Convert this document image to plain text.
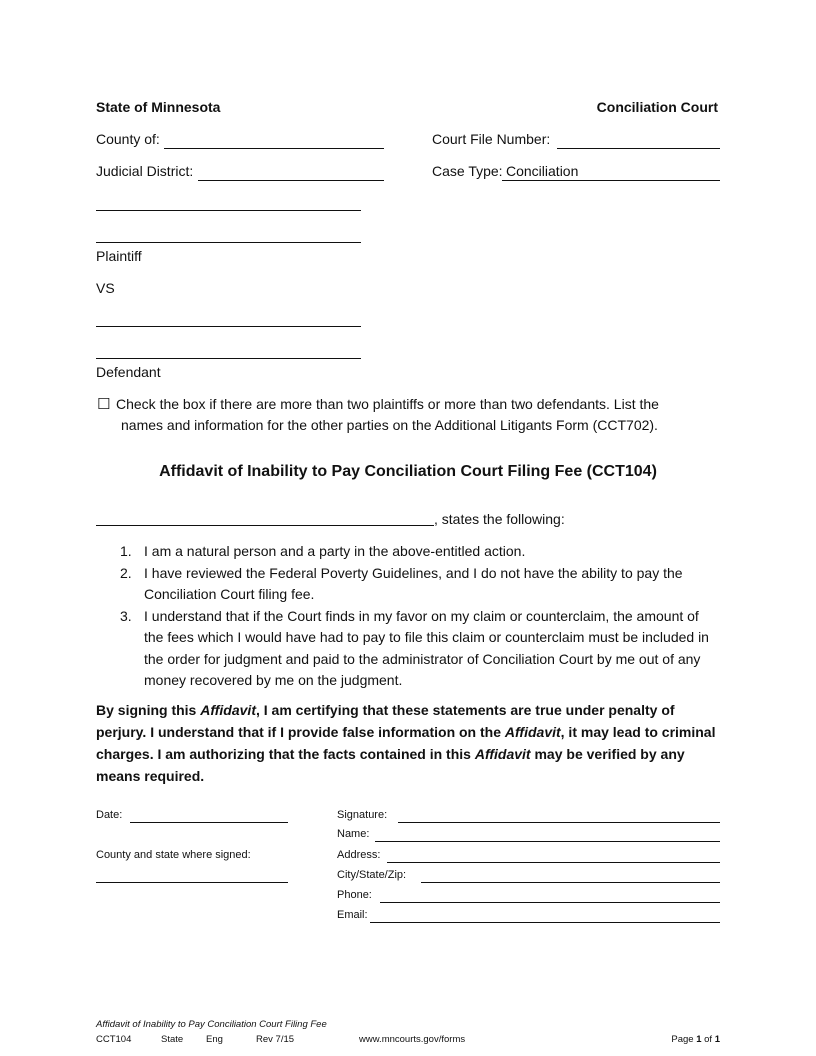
State of Minnesota	Conciliation Court
County of:	Court File Number:
Judicial District:	Case Type: Conciliation
Plaintiff
VS
Defendant
☐ Check the box if there are more than two plaintiffs or more than two defendants. List the
names and information for the other parties on the Additional Litigants Form (CCT702).
Affidavit of Inability to Pay Conciliation Court Filing Fee (CCT104)
, states the following:
1. I am a natural person and a party in the above-entitled action.
2. I have reviewed the Federal Poverty Guidelines, and I do not have the ability to pay the Conciliation Court filing fee.
3. I understand that if the Court finds in my favor on my claim or counterclaim, the amount of the fees which I would have had to pay to file this claim or counterclaim must be included in the order for judgment and paid to the administrator of Conciliation Court by me out of any money recovered by me on the judgment.
By signing this Affidavit, I am certifying that these statements are true under penalty of perjury. I understand that if I provide false information on the Affidavit, it may lead to criminal charges. I am authorizing that the facts contained in this Affidavit may be verified by any means required.
Date:
County and state where signed:
Signature:
Name:
Address:
City/State/Zip:
Phone:
Email:
Affidavit of Inability to Pay Conciliation Court Filing Fee
CCT104	State Eng	Rev 7/15	www.mncourts.gov/forms	Page 1 of 1
